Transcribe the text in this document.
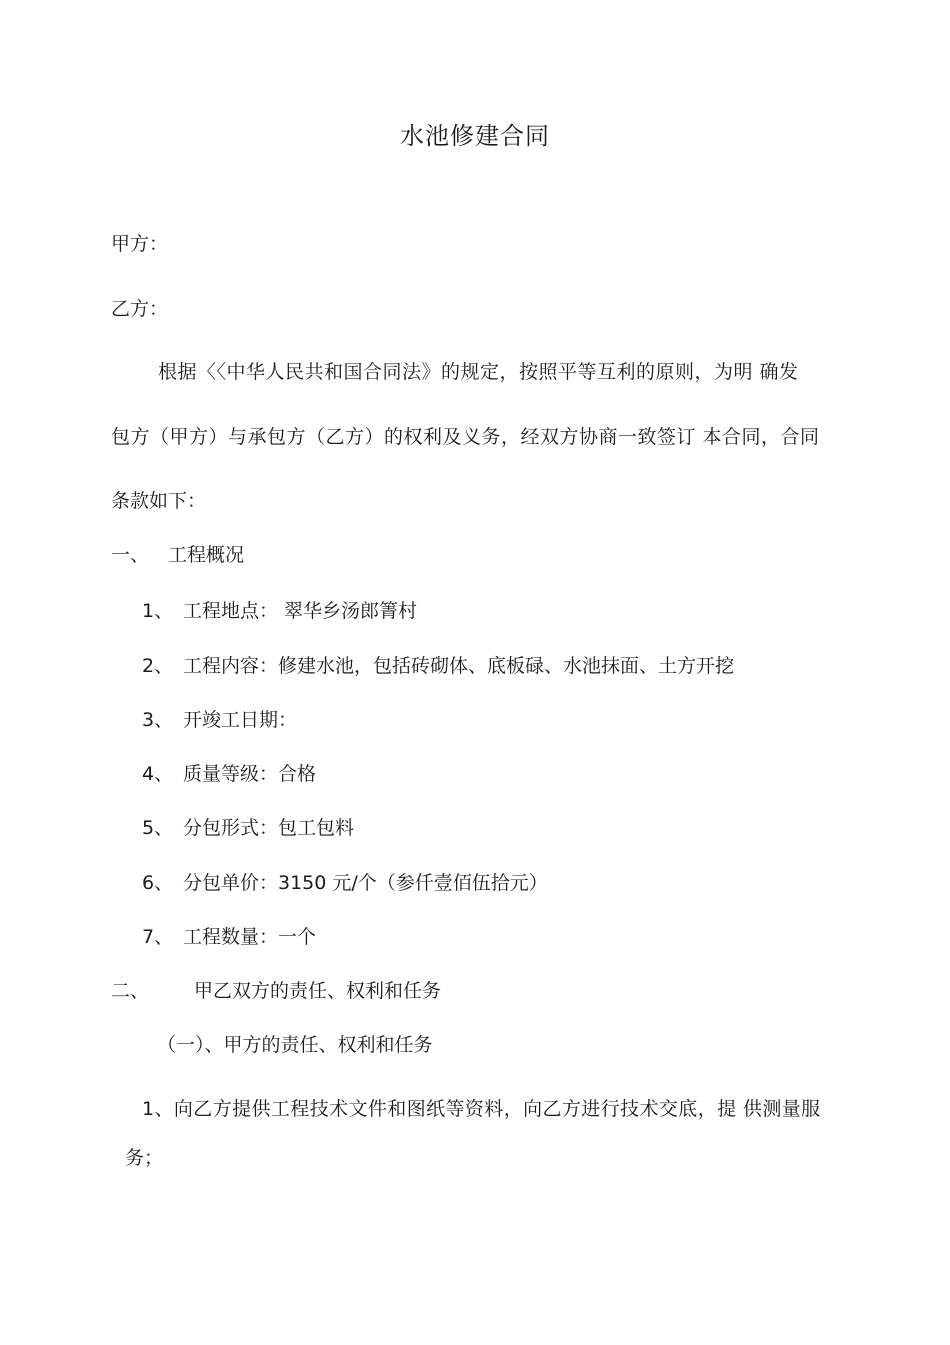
水池修建合同
甲方：
乙方：
根据〈〈中华人民共和国合同法》的规定，按照平等互利的原则，为明 确发
包方（甲方）与承包方（乙方）的权利及义务，经双方协商一致签订 本合同，合同
条款如下：
一、 工程概况
1、 工程地点： 翠华乡汤郎箐村
2、 工程内容：修建水池，包括砖砌体、底板碌、水池抹面、土方开挖
3、 开竣工日期：
4、 质量等级：合格
5、 分包形式：包工包料
6、 分包单价：3150 元/个（参仟壹佰伍拾元）
7、 工程数量：一个
二、 甲乙双方的责任、权利和任务
（一）、甲方的责任、权利和任务
1、向乙方提供工程技术文件和图纸等资料，向乙方进行技术交底，提 供测量服
务；
